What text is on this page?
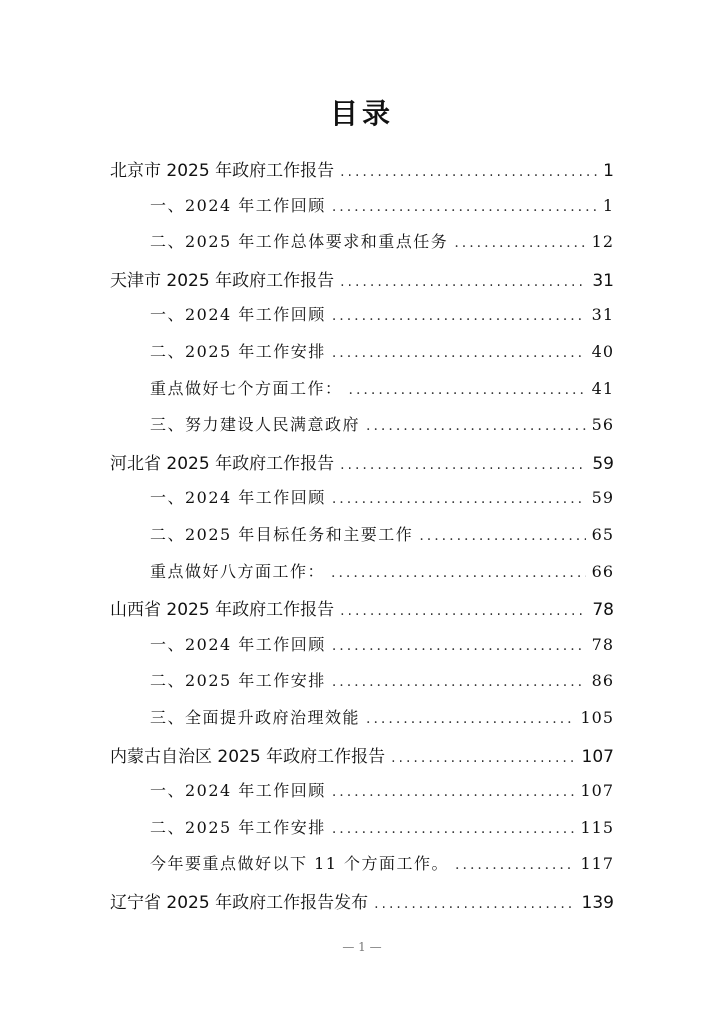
目录
北京市 2025 年政府工作报告 .....	1
一、2024 年工作回顾 .....	1
二、2025 年工作总体要求和重点任务 .....	12
天津市 2025 年政府工作报告 .....	31
一、2024 年工作回顾 .....	31
二、2025 年工作安排 .....	40
重点做好七个方面工作： .....	41
三、努力建设人民满意政府 .....	56
河北省 2025 年政府工作报告 .....	59
一、2024 年工作回顾 .....	59
二、2025 年目标任务和主要工作 .....	65
重点做好八方面工作： .....	66
山西省 2025 年政府工作报告 .....	78
一、2024 年工作回顾 .....	78
二、2025 年工作安排 .....	86
三、全面提升政府治理效能 .....	105
内蒙古自治区 2025 年政府工作报告 .....	107
一、2024 年工作回顾 .....	107
二、2025 年工作安排 .....	115
今年要重点做好以下 11 个方面工作。 .....	117
辽宁省 2025 年政府工作报告发布 .....	139
— 1 —
